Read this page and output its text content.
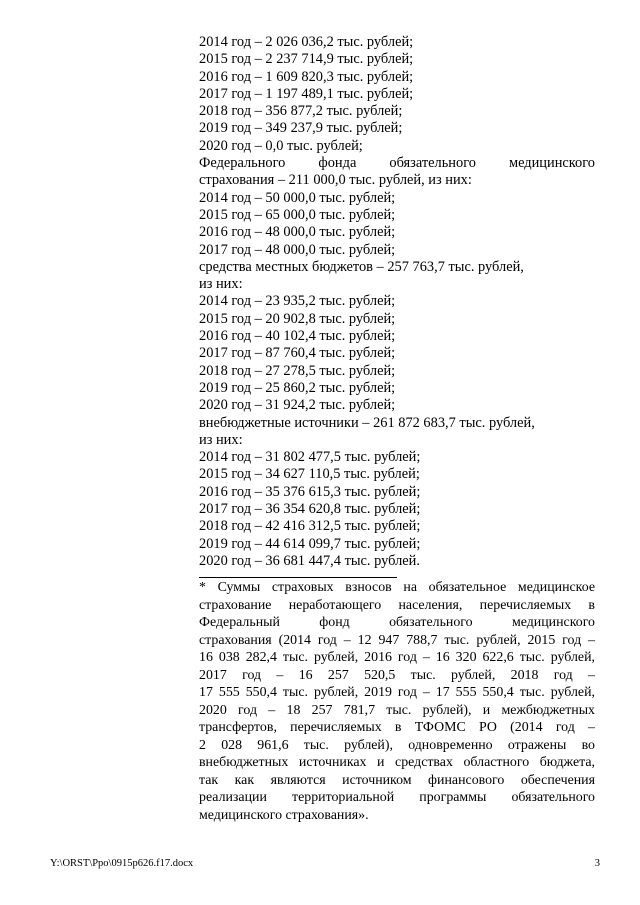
2014 год – 2 026 036,2 тыс. рублей;
2015 год – 2 237 714,9 тыс. рублей;
2016 год – 1 609 820,3 тыс. рублей;
2017 год – 1 197 489,1 тыс. рублей;
2018 год – 356 877,2 тыс. рублей;
2019 год – 349 237,9 тыс. рублей;
2020 год – 0,0 тыс. рублей;
Федерального фонда обязательного медицинского
страхования – 211 000,0 тыс. рублей, из них:
2014 год – 50 000,0 тыс. рублей;
2015 год – 65 000,0 тыс. рублей;
2016 год – 48 000,0 тыс. рублей;
2017 год – 48 000,0 тыс. рублей;
средства местных бюджетов – 257 763,7 тыс. рублей,
из них:
2014 год – 23 935,2 тыс. рублей;
2015 год – 20 902,8 тыс. рублей;
2016 год – 40 102,4 тыс. рублей;
2017 год – 87 760,4 тыс. рублей;
2018 год – 27 278,5 тыс. рублей;
2019 год – 25 860,2 тыс. рублей;
2020 год – 31 924,2 тыс. рублей;
внебюджетные источники – 261 872 683,7 тыс. рублей,
из них:
2014 год – 31 802 477,5 тыс. рублей;
2015 год – 34 627 110,5 тыс. рублей;
2016 год – 35 376 615,3 тыс. рублей;
2017 год – 36 354 620,8 тыс. рублей;
2018 год – 42 416 312,5 тыс. рублей;
2019 год – 44 614 099,7 тыс. рублей;
2020 год – 36 681 447,4 тыс. рублей.
* Суммы страховых взносов на обязательное медицинское
страхование неработающего населения, перечисляемых в
Федеральный фонд обязательного медицинского
страхования (2014 год – 12 947 788,7 тыс. рублей, 2015 год –
16 038 282,4 тыс. рублей, 2016 год – 16 320 622,6 тыс. рублей,
2017 год – 16 257 520,5 тыс. рублей, 2018 год –
17 555 550,4 тыс. рублей, 2019 год – 17 555 550,4 тыс. рублей,
2020 год – 18 257 781,7 тыс. рублей), и межбюджетных
трансфертов, перечисляемых в ТФОМС РО (2014 год –
2 028 961,6 тыс. рублей), одновременно отражены во
внебюджетных источниках и средствах областного бюджета,
так как являются источником финансового обеспечения
реализации территориальной программы обязательного
медицинского страхования».
Y:\ORST\Ppo\0915p626.f17.docx	3
